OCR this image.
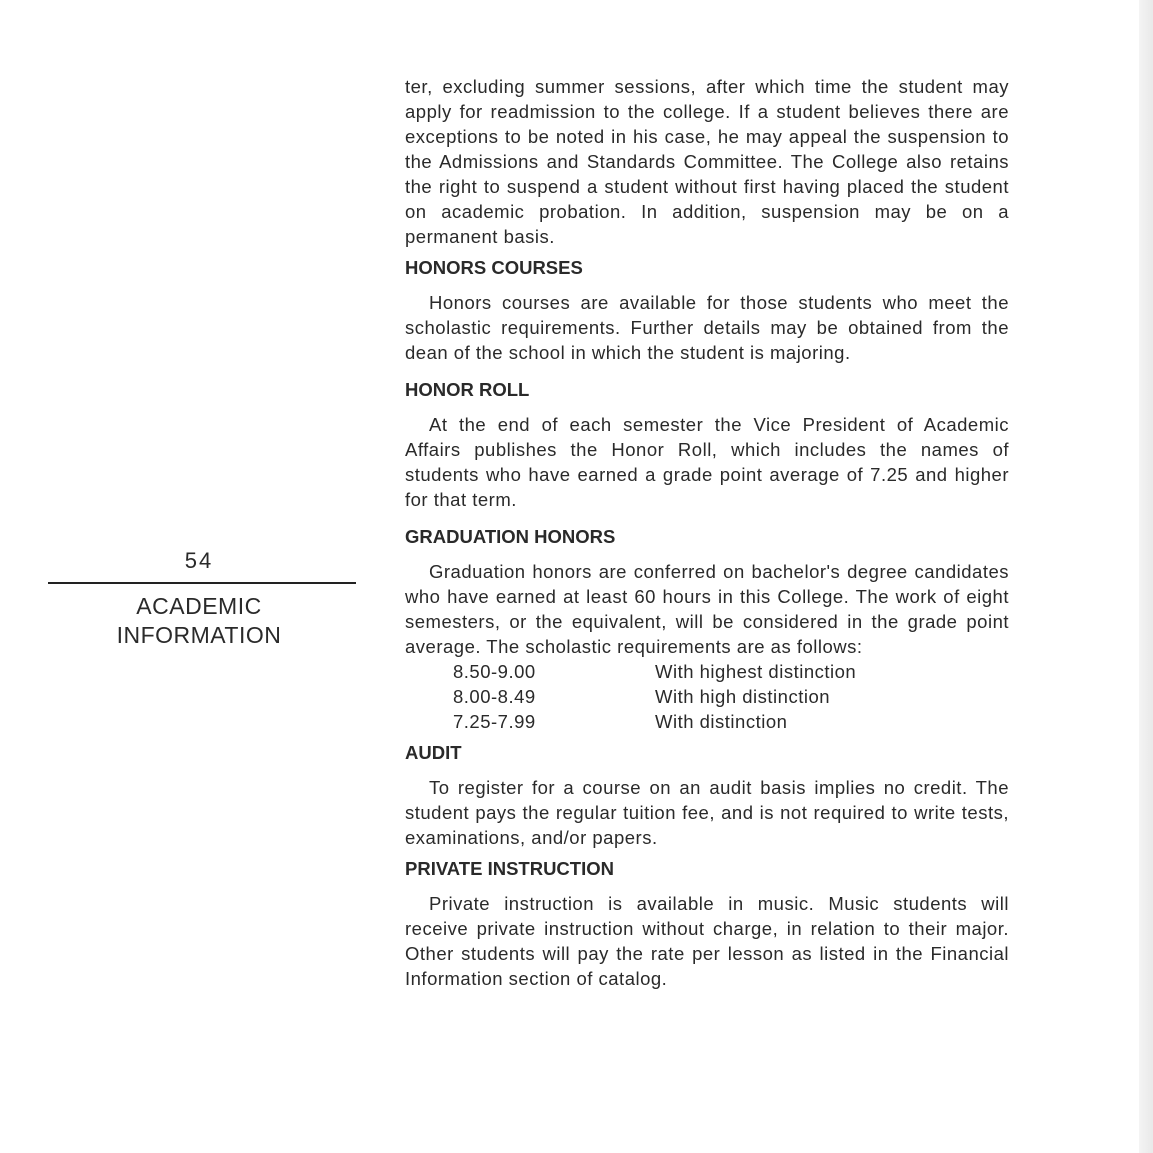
54
ACADEMIC
INFORMATION

ter, excluding summer sessions, after which time the student may apply for readmission to the college. If a student believes there are exceptions to be noted in his case, he may appeal the suspension to the Admissions and Standards Committee. The College also retains the right to suspend a student without first having placed the student on academic probation. In addition, suspension may be on a permanent basis.

HONORS COURSES

Honors courses are available for those students who meet the scholastic requirements. Further details may be obtained from the dean of the school in which the student is majoring.

HONOR ROLL

At the end of each semester the Vice President of Academic Affairs publishes the Honor Roll, which includes the names of students who have earned a grade point average of 7.25 and higher for that term.

GRADUATION HONORS

Graduation honors are conferred on bachelor's degree candidates who have earned at least 60 hours in this College. The work of eight semesters, or the equivalent, will be considered in the grade point average. The scholastic requirements are as follows:

8.50-9.00	With highest distinction
8.00-8.49	With high distinction
7.25-7.99	With distinction
AUDIT

To register for a course on an audit basis implies no credit. The student pays the regular tuition fee, and is not required to write tests, examinations, and/or papers.

PRIVATE INSTRUCTION

Private instruction is available in music. Music students will receive private instruction without charge, in relation to their major. Other students will pay the rate per lesson as listed in the Financial Information section of catalog.
